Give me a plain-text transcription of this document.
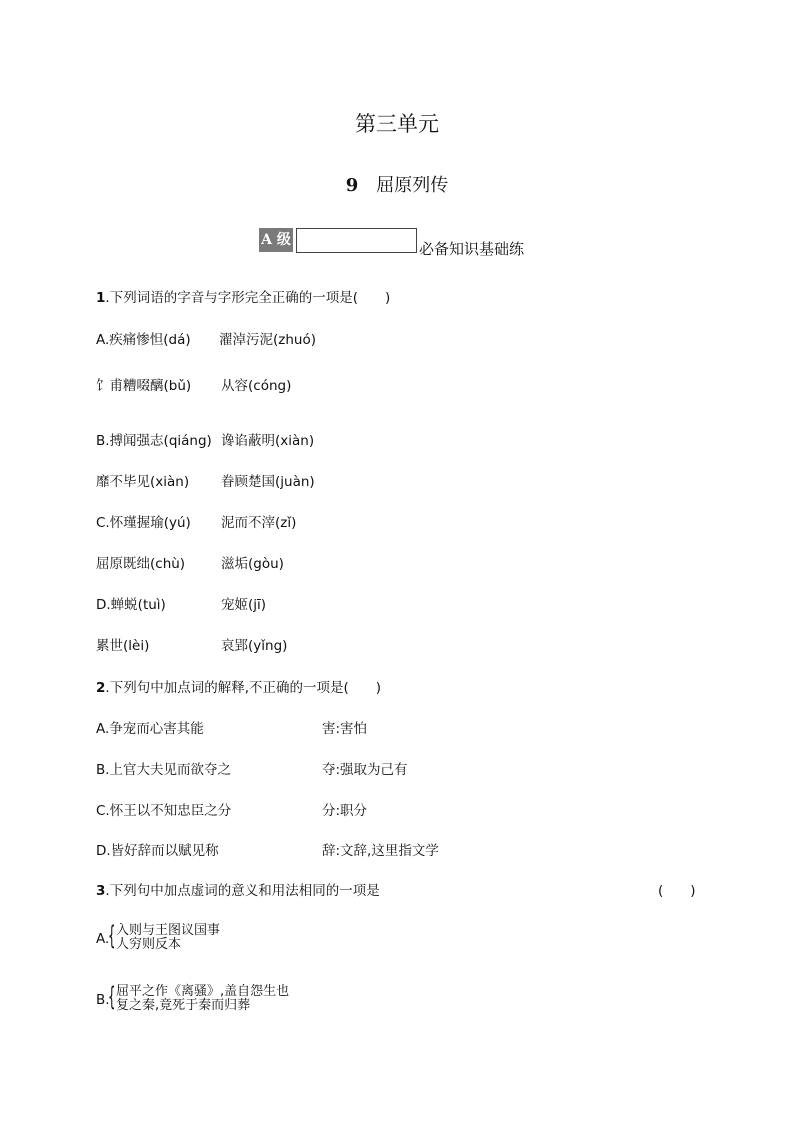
第三单元
9 屈原列传
A 级	必备知识基础练
1.下列词语的字音与字形完全正确的一项是(　　)
A.疾痛惨怛(dá) 濯淖污泥(zhuó)
饣甫糟啜醨(bǔ) 从容(cóng)
B.搏闻强志(qiáng) 谗谄蔽明(xiàn)
靡不毕见(xiàn) 眷顾楚国(juàn)
C.怀瑾握瑜(yú) 泥而不滓(zǐ)
屈原既绌(chù)	滋垢(gòu)
D.蝉蜕(tuì)	宠姬(jī)
累世(lèi)	哀郢(yǐng)
2.下列句中加点词的解释,不正确的一项是(　　)
A.争宠而心害其能	害:害怕
B.上官大夫见而欲夺之	夺:强取为己有
C.怀王以不知忠臣之分	分:职分
D.皆好辞而以赋见称	辞:文辞,这里指文学
3.下列句中加点虚词的意义和用法相同的一项是	(　　)
A.
{ 入则与王图议国事
人穷则反本
B.
{ 屈平之作《离骚》,盖自怨生也
复之秦,竟死于秦而归葬
